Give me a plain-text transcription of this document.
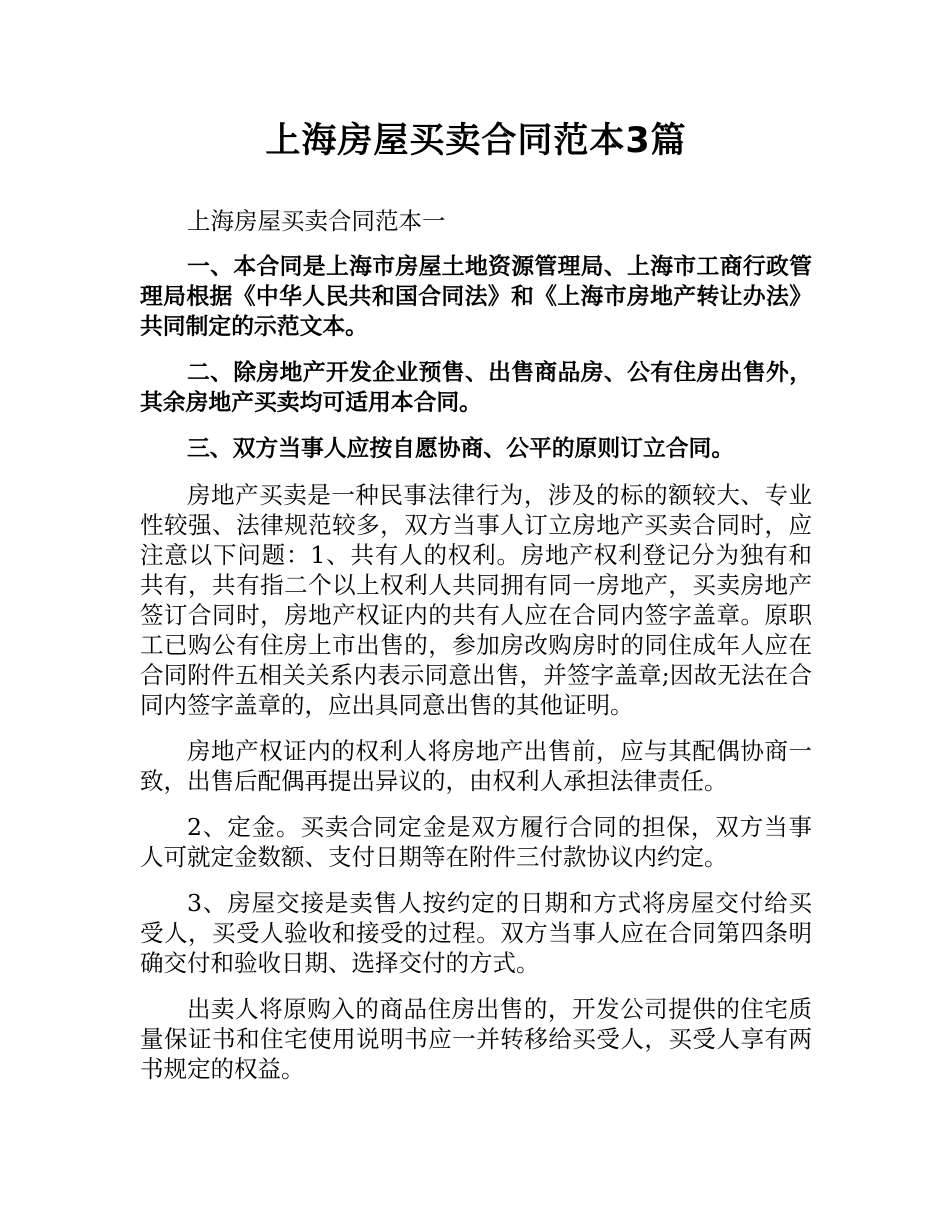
上海房屋买卖合同范本3篇

上海房屋买卖合同范本一

一、本合同是上海市房屋土地资源管理局、上海市工商行政管理局根据《中华人民共和国合同法》和《上海市房地产转让办法》共同制定的示范文本。

二、除房地产开发企业预售、出售商品房、公有住房出售外，其余房地产买卖均可适用本合同。

三、双方当事人应按自愿协商、公平的原则订立合同。

房地产买卖是一种民事法律行为，涉及的标的额较大、专业性较强、法律规范较多，双方当事人订立房地产买卖合同时，应注意以下问题：1、共有人的权利。房地产权利登记分为独有和共有，共有指二个以上权利人共同拥有同一房地产，买卖房地产签订合同时，房地产权证内的共有人应在合同内签字盖章。原职工已购公有住房上市出售的，参加房改购房时的同住成年人应在合同附件五相关关系内表示同意出售，并签字盖章;因故无法在合同内签字盖章的，应出具同意出售的其他证明。

房地产权证内的权利人将房地产出售前，应与其配偶协商一致，出售后配偶再提出异议的，由权利人承担法律责任。

2、定金。买卖合同定金是双方履行合同的担保，双方当事人可就定金数额、支付日期等在附件三付款协议内约定。

3、房屋交接是卖售人按约定的日期和方式将房屋交付给买受人，买受人验收和接受的过程。双方当事人应在合同第四条明确交付和验收日期、选择交付的方式。

出卖人将原购入的商品住房出售的，开发公司提供的住宅质量保证书和住宅使用说明书应一并转移给买受人，买受人享有两书规定的权益。
